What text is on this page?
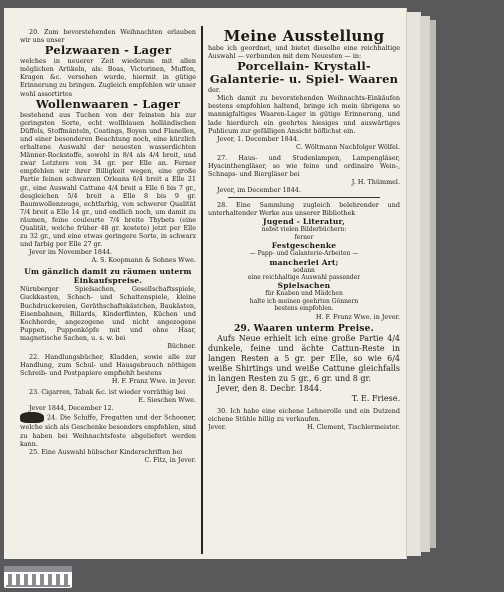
20. Zum bevorstehenden Weihnachten erlauben wir uns unser

Pelzwaaren - Lager

welches in neuerer Zeit wiederum mit allen möglichen Artikeln, als: Boas, Victorinen, Muffen, Kragen &c. versehen wurde, hiermit in gütige Erinnerung zu bringen. Zugleich empfehlen wir unser wohl assortirtes

Wollenwaaren - Lager

bestehend aus Tuchen von der feinsten bis zur geringsten Sorte, echt wollblauen holländischen Düffels, Stoffmänteln, Coatings, Boyen und Flanellen, und einer besonderen Beachtung noch, eine kürzlich erhaltene Auswahl der neuesten wasserdichten Männer-Rockstoffe, sowohl in 8/4 als 4/4 breit, und zwar Letztere von 34 gr. per Elle an. Ferner empfehlen wir ihrer Billigkeit wegen, eine große Partie feinen schwarzen Orleans 6/4 breit a Elle 21 gr., eine Auswahl Cattune 4/4 breit a Elle 6 bis 7 gr., desgleichen 5/4 breit a Elle 8 bis 9 gr. Baumwollenzeuge, echtfarbig, von schwerer Qualität 7/4 breit a Elle 14 gr., und endlich noch, um damit zu räumen, feine couleurte 7/4 breite Thybets (eine Qualität, welche früher 48 gr. kostete) jetzt per Elle zu 32 gr., und eine etwas geringere Sorte, in schwarz und farbig per Elle 27 gr.

Jever im November 1844.

A. S. Koopmann & Sohnes Wwe.

Um gänzlich damit zu räumen unterm Einkaufspreise.

Nürnberger Spielsachen, Gesellschaftsspiele, Guckkasten, Schach- und Schattenspiele, kleine Buchdruckereien, Geräthschaftskästchen, Baukästen, Eisenbahnen, Billards, Kinderflinten, Küchen und Kochherde, angezogene und nicht angezogene Puppen, Puppenköpfe mit und ohne Haar, magnetische Sachen, u. s. w. bei

Büchner.

22. Handlungsbücher, Kladden, sowie alle zur Handlung, zum Schul- und Hausgebrauch nöthigen Schreib- und Postpapiere empfiehlt bestens

H. F. Franz Wwe. in Jever.

23. Cigarren, Tabak &c. ist wieder vorräthig bei

E. Sieschen Wwe.

Jever 1844, December 12.

24. Die Schiffe, Fregatten und der Schooner, welche sich als Geschenke besonders empfehlen, sind zu haben bei Weihnachtsfeste abgeliefert werden kann.

25. Eine Auswahl hübscher Kinderschriften bei

C. Fitz, in Jever.

Meine Ausstellung

habe ich geordnet, und bietet dieselbe eine reichhaltige Auswahl — verbunden mit dem Neuesten — in:

Porcellain- Krystall- Galanterie- u. Spiel- Waaren

der.

Mich damit zu bevorstehenden Weihnachts-Einkäufen bestens empfohlen haltend, bringe ich mein übrigens so mannigfaltiges Waaren-Lager in gütige Erinnerung, und lade hierdurch ein geehrtes hiesiges und auswärtiges Publicum zur gefälligen Ansicht höflichst ein.

Jever, 1. December 1844.

C. Wöltmann Nachfolger Wölfel.

27. Haus- und Studenlampen, Lampengläser, Hyacinthengläser, so wie feine und ordinaire Wein-, Schnaps- und Biergläser bei

J. H. Thümmel.

Jever, im December 1844.

28. Eine Sammlung zugleich belehrender und unterhaltender Werke aus unserer Bibliothek

Jugend - Literatur,

nebst vielen Bilderbüchern:

ferner

Festgeschenke

— Papp- und Galanterie-Arbeiten —

mancherlei Art;

sodann

eine reichhaltige Auswahl passender

Spielsachen

für Knaben und Mädchen

halte ich meinen geehrten Gönnern

bestens empfohlen.

H. F. Franz Wwe. in Jever.

29. Waaren unterm Preise.

Aufs Neue erhielt ich eine große Partie 4/4 dunkele, feine und ächte Cattun-Reste in langen Resten a 5 gr. per Elle, so wie 6/4 weiße Shirtings und weiße Cattune gleichfalls in langen Resten zu 5 gr., 6 gr. und 8 gr.

Jever, den 8. Decbr. 1844.

T. E. Friese.

30. Ich habe eine eichene Lehnerolle und ein Dutzend eichene Stühle billig zu verkaufen.

Jever.	H. Clement, Tischlermeister.
